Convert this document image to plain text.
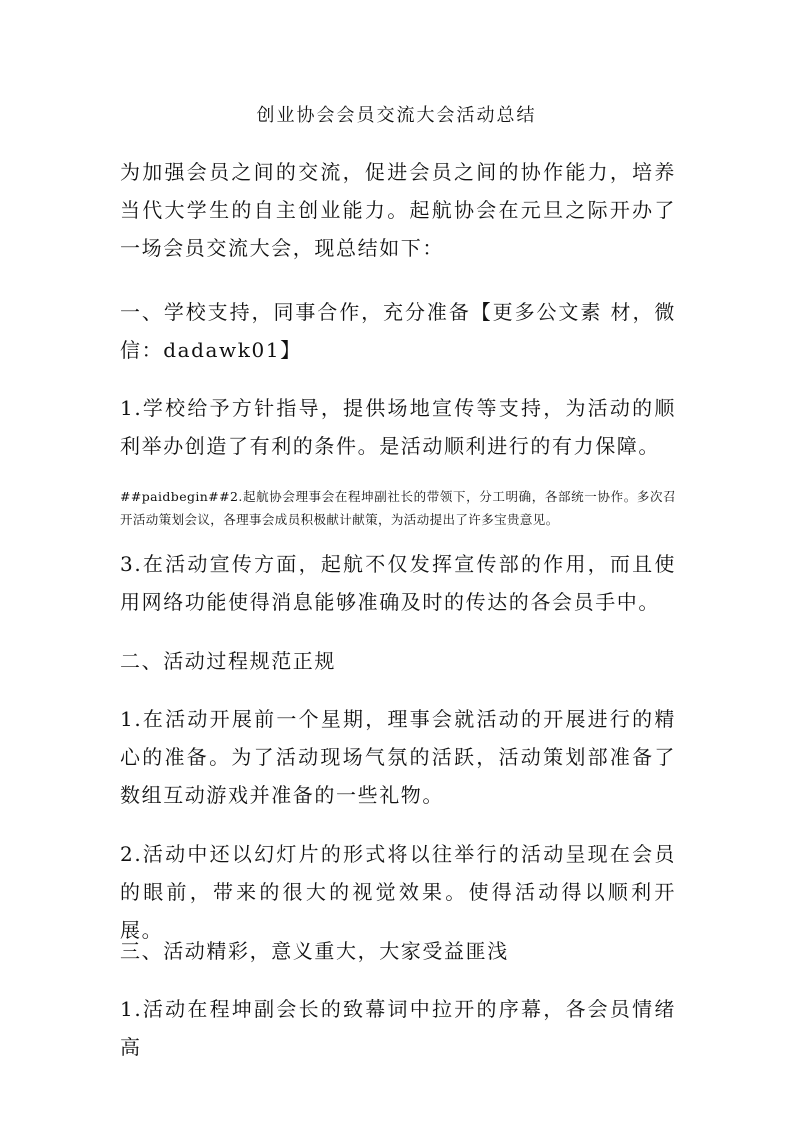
创业协会会员交流大会活动总结

为加强会员之间的交流，促进会员之间的协作能力，培养当代大学生的自主创业能力。起航协会在元旦之际开办了一场会员交流大会，现总结如下：

一、学校支持，同事合作，充分准备【更多公文素 材，微信：dadawk01】

1.学校给予方针指导，提供场地宣传等支持，为活动的顺利举办创造了有利的条件。是活动顺利进行的有力保障。

##paidbegin##2.起航协会理事会在程坤副社长的带领下，分工明确，各部统一协作。多次召开活动策划会议，各理事会成员积极献计献策，为活动提出了许多宝贵意见。

3.在活动宣传方面，起航不仅发挥宣传部的作用，而且使用网络功能使得消息能够准确及时的传达的各会员手中。

二、活动过程规范正规

1.在活动开展前一个星期，理事会就活动的开展进行的精心的准备。为了活动现场气氛的活跃，活动策划部准备了数组互动游戏并准备的一些礼物。

2.活动中还以幻灯片的形式将以往举行的活动呈现在会员的眼前，带来的很大的视觉效果。使得活动得以顺利开展。

三、活动精彩，意义重大，大家受益匪浅

1.活动在程坤副会长的致幕词中拉开的序幕，各会员情绪高
